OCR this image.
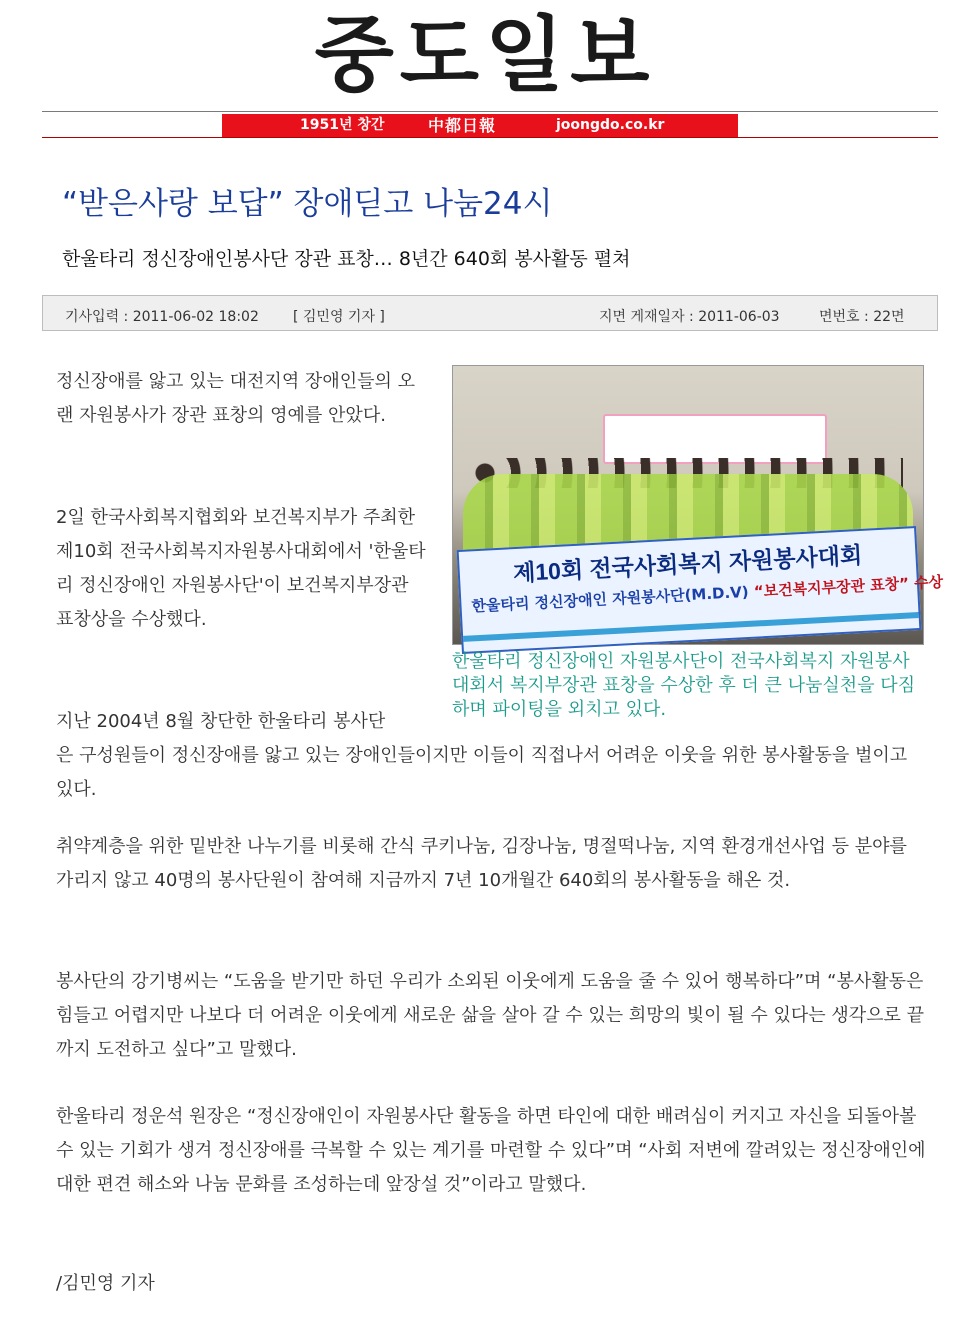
중도일보
1951년 창간	中都日報	joongdo.co.kr
“받은사랑 보답” 장애딛고 나눔24시
한울타리 정신장애인봉사단 장관 표창… 8년간 640회 봉사활동 펼쳐
기사입력 : 2011-06-02 18:02 [ 김민영 기자 ]	지면 게재일자 : 2011-06-03	면번호 : 22면
제10회 전국사회복지 자원봉사대회
한울타리 정신장애인 자원봉사단(M.D.V) “보건복지부장관 표창” 수상

한울타리 정신장애인 자원봉사단이 전국사회복지 자원봉사대회서 복지부장관 표창을 수상한 후 더 큰 나눔실천을 다짐하며 파이팅을 외치고 있다.

정신장애를 앓고 있는 대전지역 장애인들의 오랜 자원봉사가 장관 표창의 영예를 안았다.

2일 한국사회복지협회와 보건복지부가 주최한 제10회 전국사회복지자원봉사대회에서 '한울타리 정신장애인 자원봉사단'이 보건복지부장관 표창상을 수상했다.

지난 2004년 8월 창단한 한울타리 봉사단

은 구성원들이 정신장애를 앓고 있는 장애인들이지만 이들이 직접나서 어려운 이웃을 위한 봉사활동을 벌이고 있다.

취약계층을 위한 밑반찬 나누기를 비롯해 간식 쿠키나눔, 김장나눔, 명절떡나눔, 지역 환경개선사업 등 분야를 가리지 않고 40명의 봉사단원이 참여해 지금까지 7년 10개월간 640회의 봉사활동을 해온 것.

봉사단의 강기병씨는 “도움을 받기만 하던 우리가 소외된 이웃에게 도움을 줄 수 있어 행복하다”며 “봉사활동은 힘들고 어렵지만 나보다 더 어려운 이웃에게 새로운 삶을 살아 갈 수 있는 희망의 빛이 될 수 있다는 생각으로 끝까지 도전하고 싶다”고 말했다.

한울타리 정운석 원장은 “정신장애인이 자원봉사단 활동을 하면 타인에 대한 배려심이 커지고 자신을 되돌아볼 수 있는 기회가 생겨 정신장애를 극복할 수 있는 계기를 마련할 수 있다”며 “사회 저변에 깔려있는 정신장애인에 대한 편견 해소와 나눔 문화를 조성하는데 앞장설 것”이라고 말했다.

/김민영 기자
